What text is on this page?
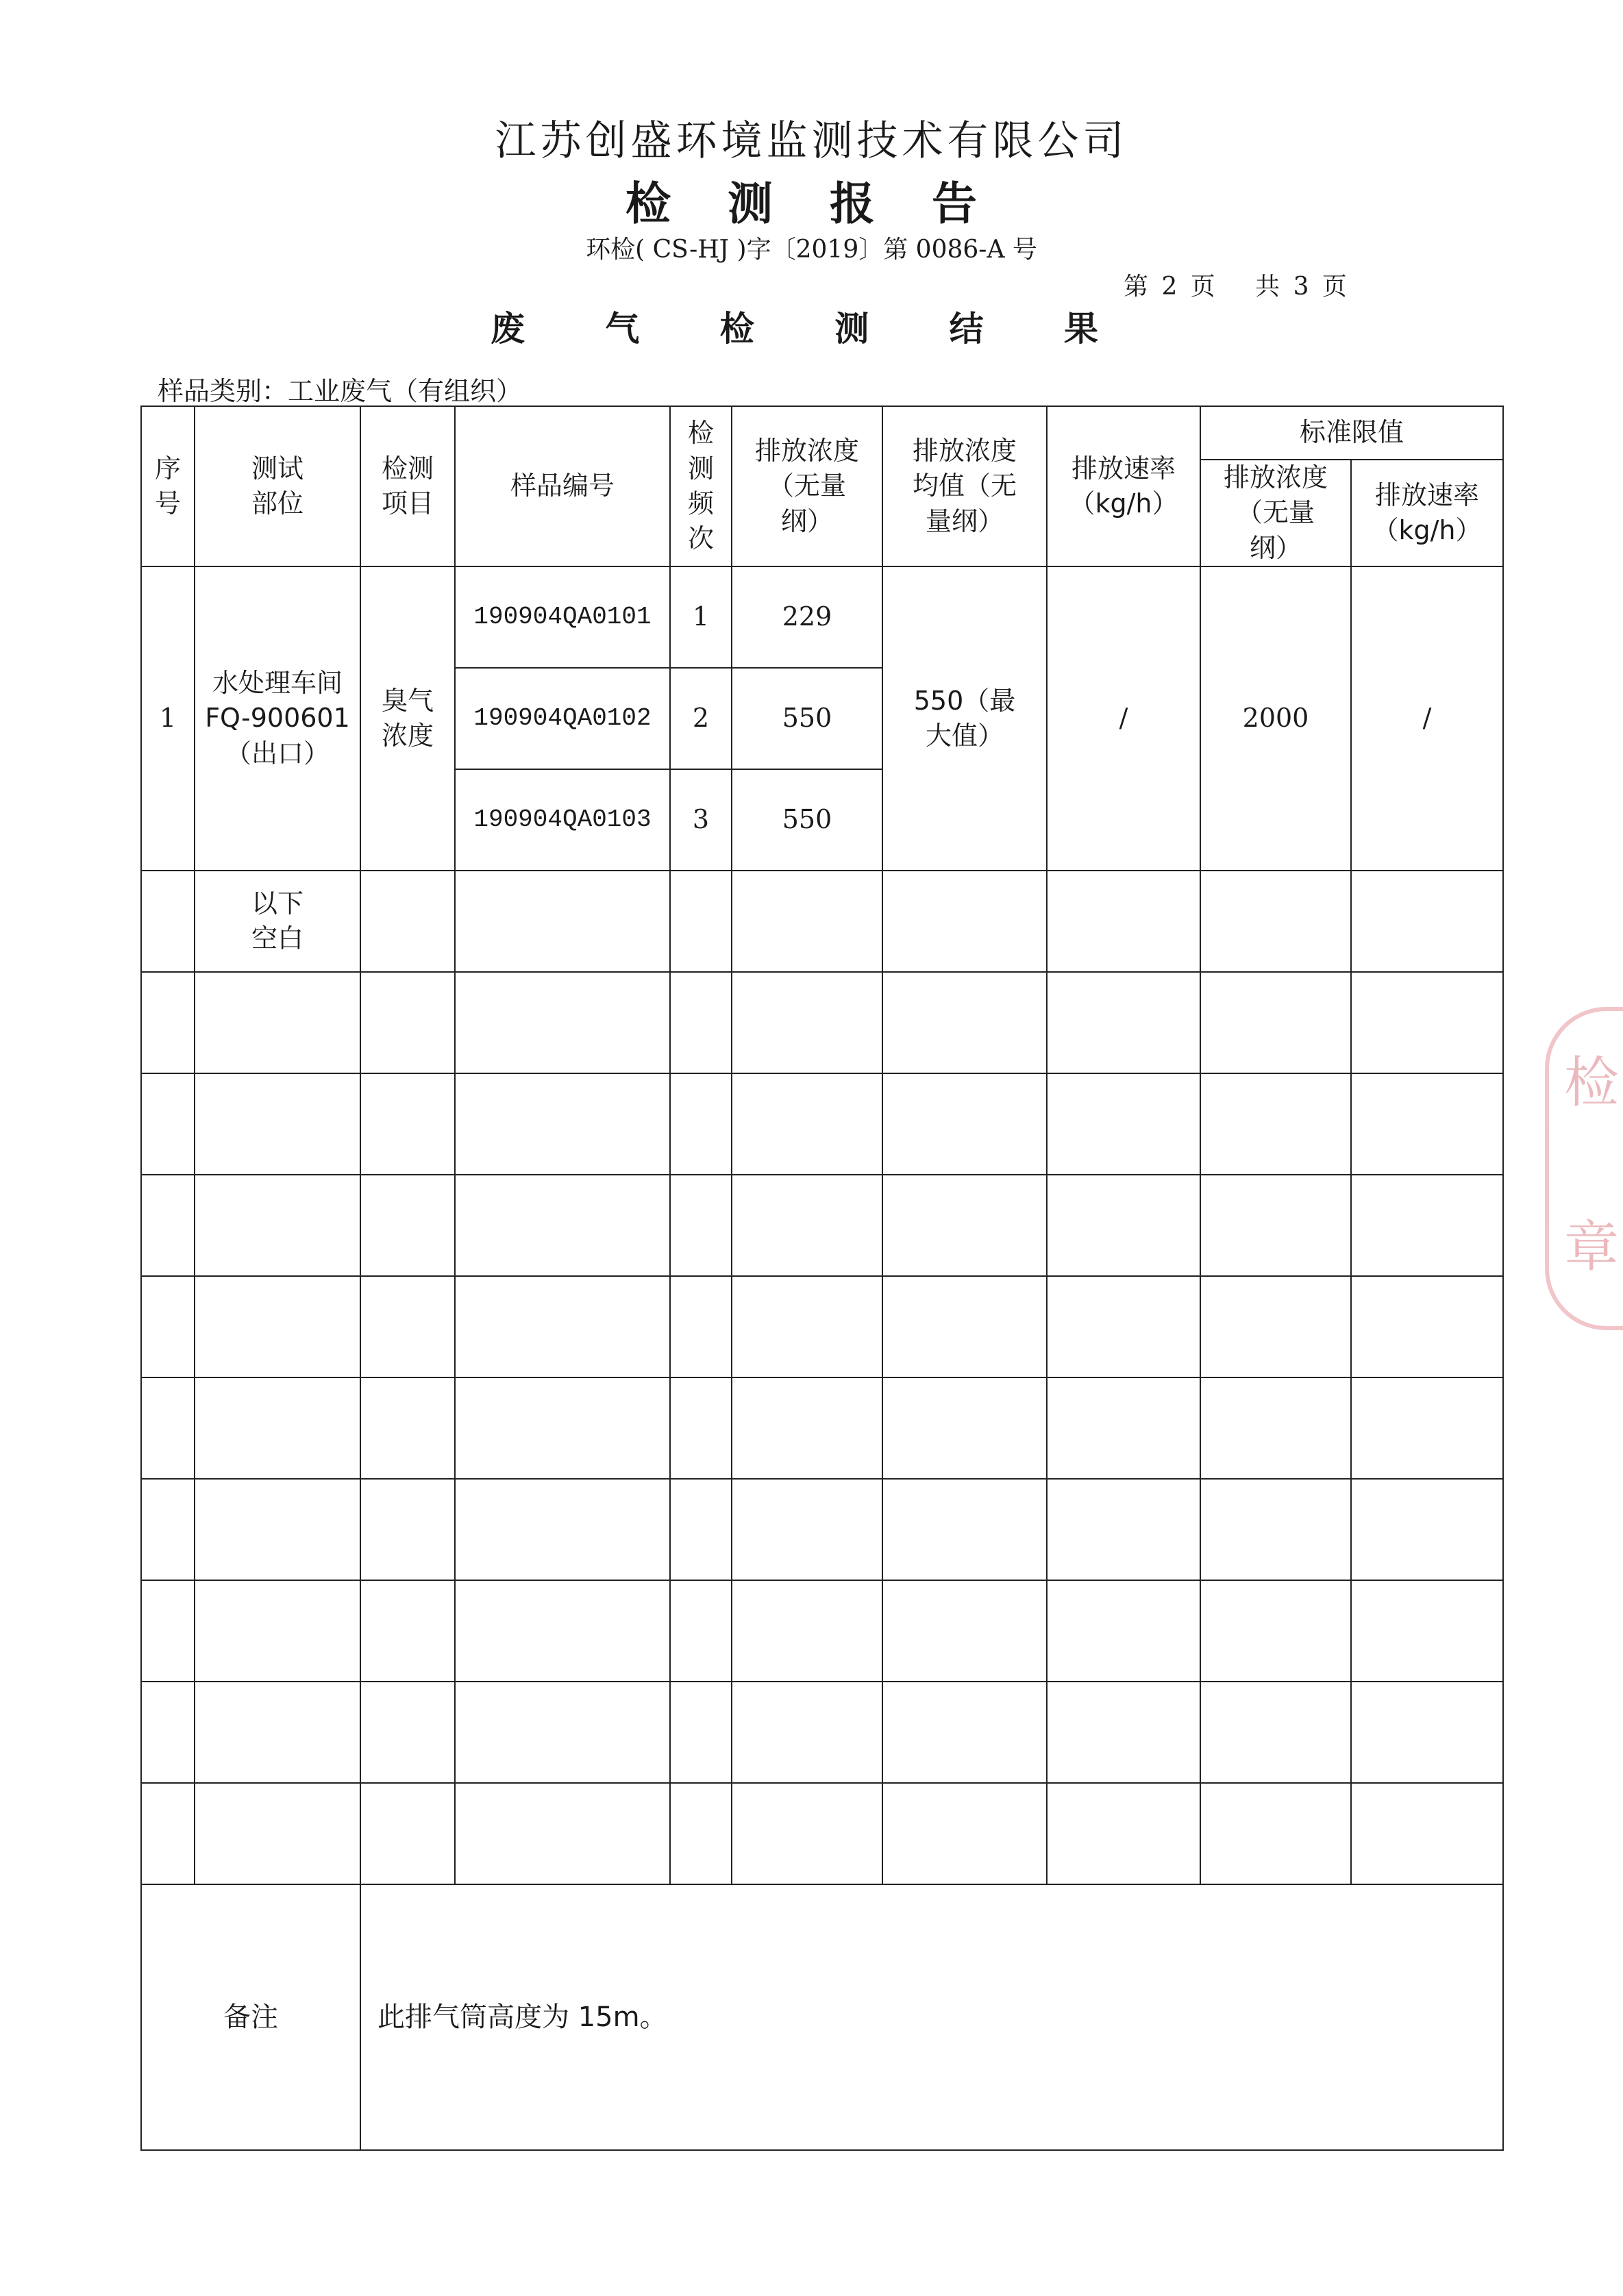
江苏创盛环境监测技术有限公司
检 测 报 告
环检( CS-HJ )字〔2019〕第 0086-A 号
第 2 页   共 3 页
废 气 检 测 结 果
样品类别：工业废气（有组织）
序号	测试部位	检测项目	样品编号	检测频次	排放浓度（无量纲）	排放浓度均值（无量纲）	排放速率（kg/h）	标准限值	

								排放浓度（无量纲）	排放速率（kg/h）

1	水处理车间FQ-900601（出口）	臭气浓度	190904QA0101	1	229	550（最大值）	/	2000	/
			190904QA0102	2	550				
			190904QA0103	3	550				

	以下空白								

备注		此排气筒高度为 15m。							
检
章
